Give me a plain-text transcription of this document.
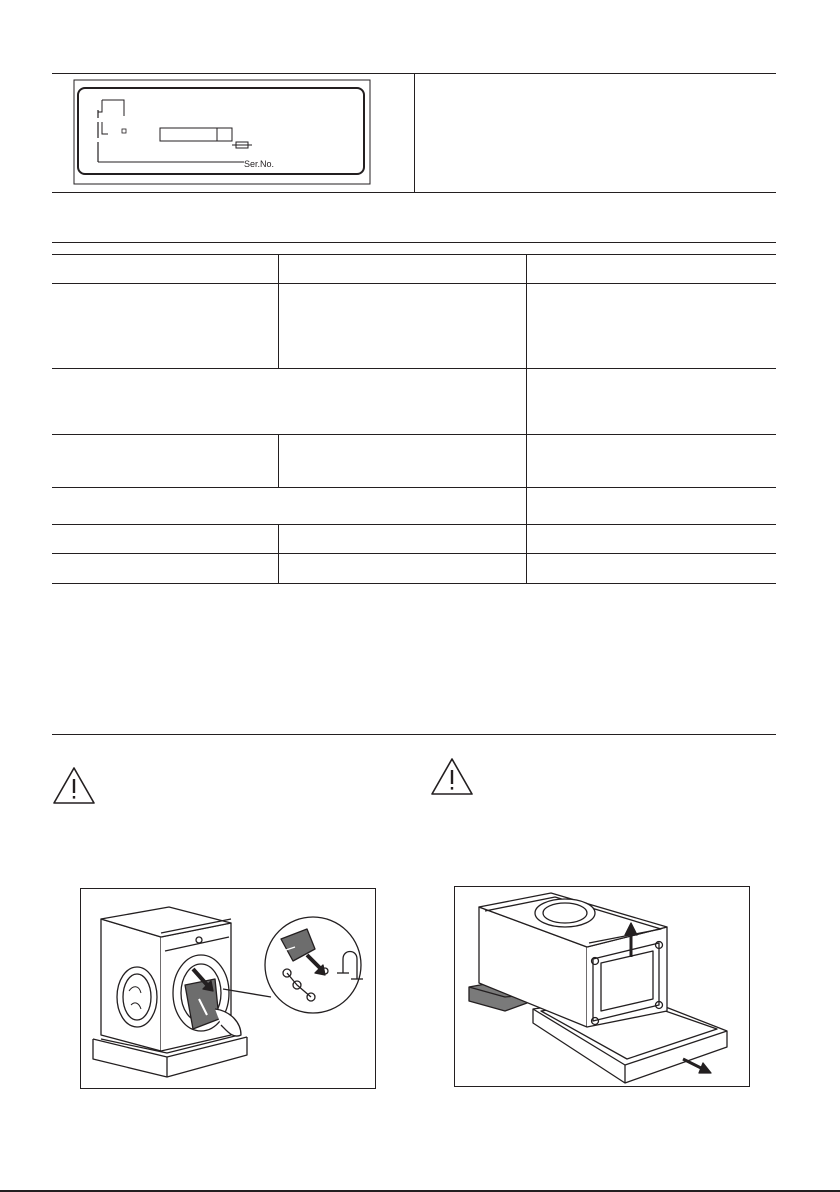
Ser.No.
